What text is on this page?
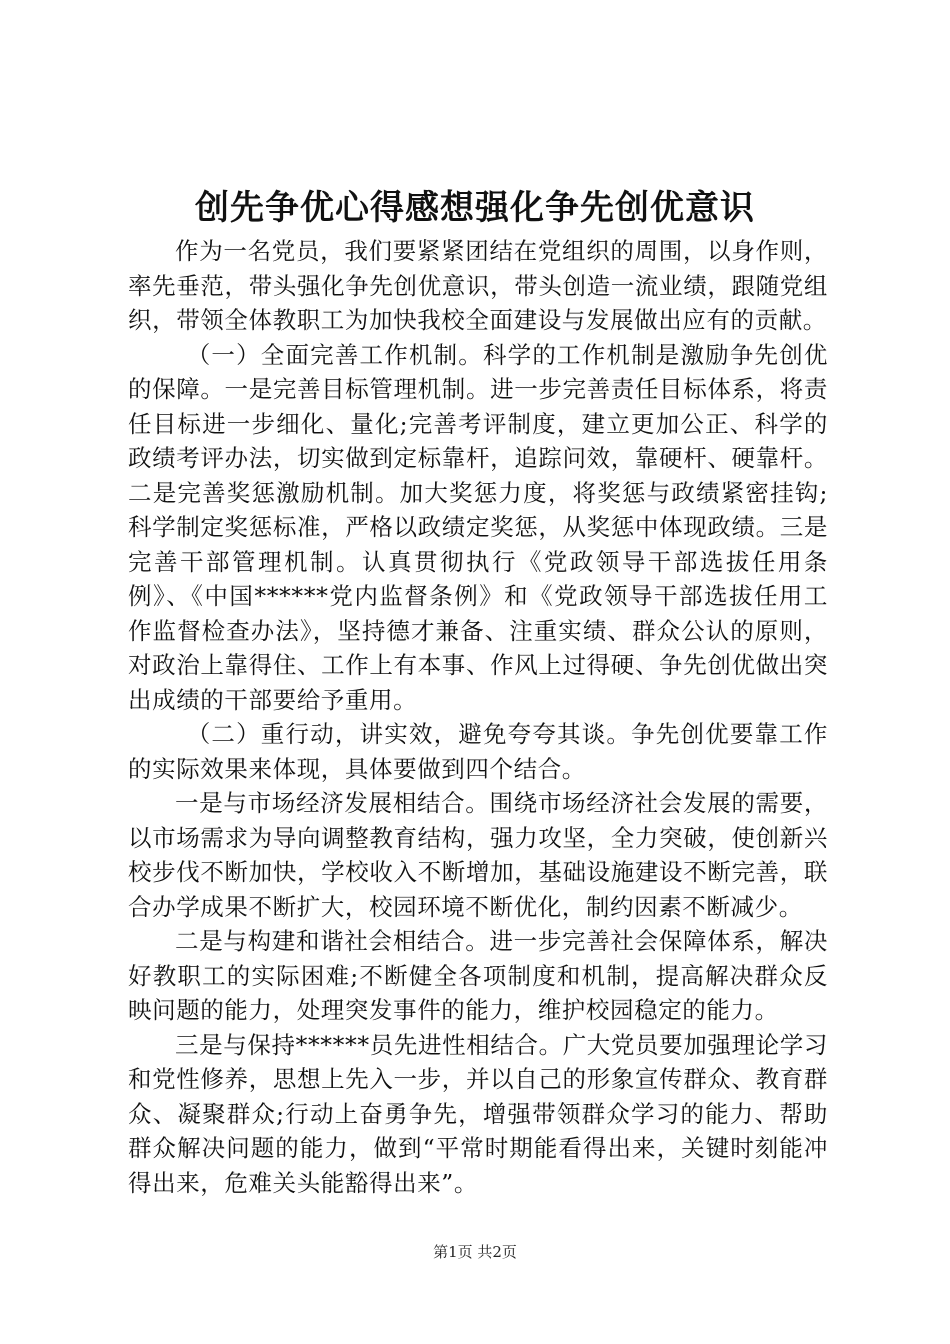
创先争优心得感想强化争先创优意识

作为一名党员，我们要紧紧团结在党组织的周围，以身作则，率先垂范，带头强化争先创优意识，带头创造一流业绩，跟随党组织，带领全体教职工为加快我校全面建设与发展做出应有的贡献。

（一）全面完善工作机制。科学的工作机制是激励争先创优的保障。一是完善目标管理机制。进一步完善责任目标体系，将责任目标进一步细化、量化;完善考评制度，建立更加公正、科学的政绩考评办法，切实做到定标靠杆，追踪问效，靠硬杆、硬靠杆。二是完善奖惩激励机制。加大奖惩力度，将奖惩与政绩紧密挂钩;科学制定奖惩标准，严格以政绩定奖惩，从奖惩中体现政绩。三是完善干部管理机制。认真贯彻执行《党政领导干部选拔任用条例》、《中国******党内监督条例》和《党政领导干部选拔任用工作监督检查办法》，坚持德才兼备、注重实绩、群众公认的原则，对政治上靠得住、工作上有本事、作风上过得硬、争先创优做出突出成绩的干部要给予重用。

（二）重行动，讲实效，避免夸夸其谈。争先创优要靠工作的实际效果来体现，具体要做到四个结合。

一是与市场经济发展相结合。围绕市场经济社会发展的需要，以市场需求为导向调整教育结构，强力攻坚，全力突破，使创新兴校步伐不断加快，学校收入不断增加，基础设施建设不断完善，联合办学成果不断扩大，校园环境不断优化，制约因素不断减少。

二是与构建和谐社会相结合。进一步完善社会保障体系，解决好教职工的实际困难;不断健全各项制度和机制，提高解决群众反映问题的能力，处理突发事件的能力，维护校园稳定的能力。

三是与保持******员先进性相结合。广大党员要加强理论学习和党性修养，思想上先入一步，并以自己的形象宣传群众、教育群众、凝聚群众;行动上奋勇争先，增强带领群众学习的能力、帮助群众解决问题的能力，做到“平常时期能看得出来，关键时刻能冲得出来，危难关头能豁得出来”。

第1页 共2页
